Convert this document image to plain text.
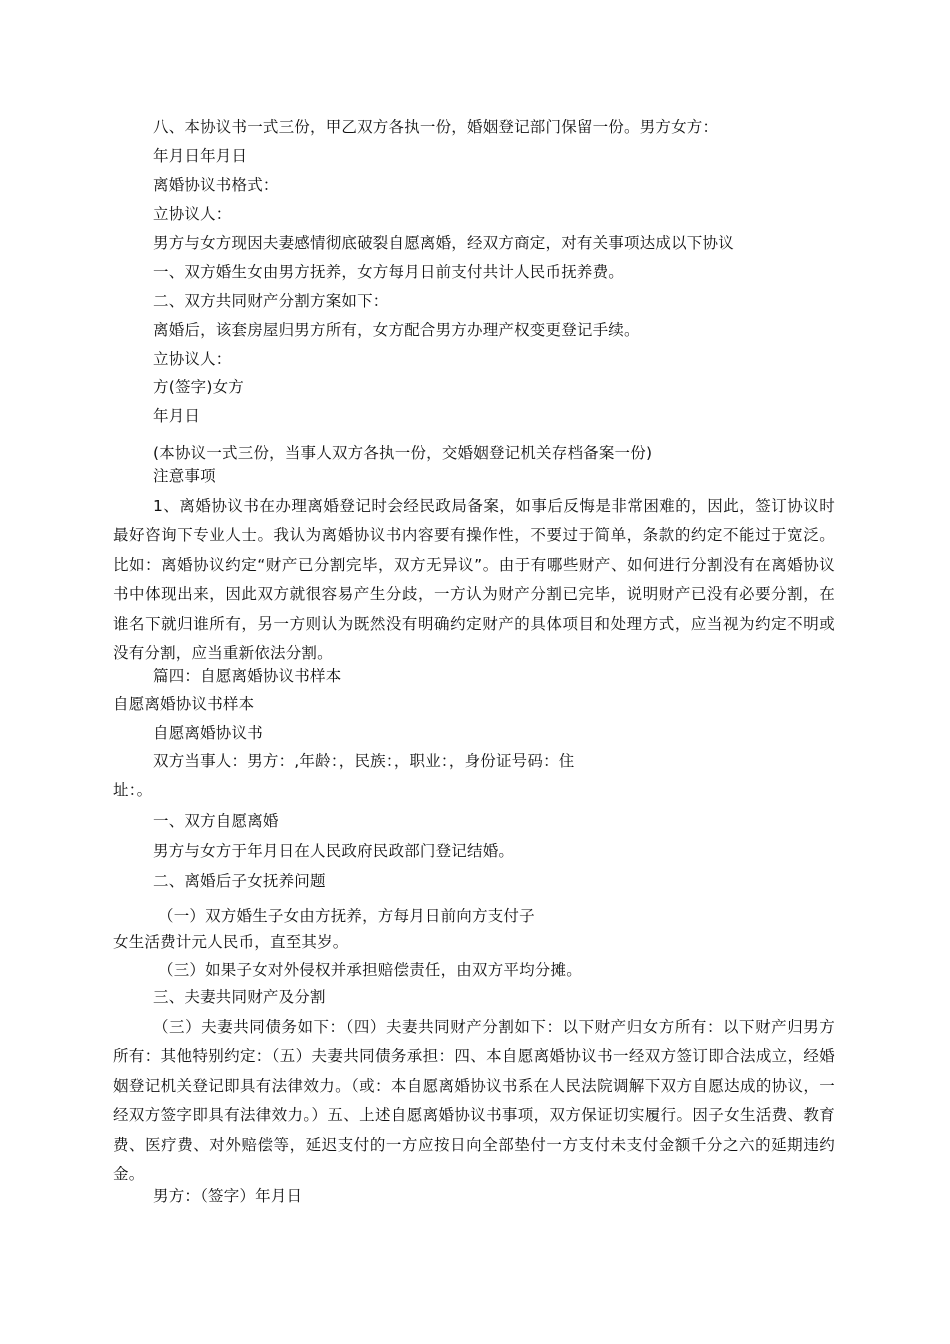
八、本协议书一式三份，甲乙双方各执一份，婚姻登记部门保留一份。男方女方：
年月日年月日
离婚协议书格式：
立协议人：
男方与女方现因夫妻感情彻底破裂自愿离婚，经双方商定，对有关事项达成以下协议
一、双方婚生女由男方抚养，女方每月日前支付共计人民币抚养费。
二、双方共同财产分割方案如下：
离婚后，该套房屋归男方所有，女方配合男方办理产权变更登记手续。
立协议人：
方(签字)女方
年月日
(本协议一式三份，当事人双方各执一份，交婚姻登记机关存档备案一份)
注意事项
1、离婚协议书在办理离婚登记时会经民政局备案，如事后反悔是非常困难的，因此，签订协议时最好咨询下专业人士。我认为离婚协议书内容要有操作性，不要过于简单，条款的约定不能过于宽泛。比如：离婚协议约定“财产已分割完毕，双方无异议”。由于有哪些财产、如何进行分割没有在离婚协议书中体现出来，因此双方就很容易产生分歧，一方认为财产分割已完毕，说明财产已没有必要分割，在谁名下就归谁所有，另一方则认为既然没有明确约定财产的具体项目和处理方式，应当视为约定不明或没有分割，应当重新依法分割。
篇四：自愿离婚协议书样本
自愿离婚协议书样本
自愿离婚协议书
双方当事人：男方：,年龄：，民族：，职业：，身份证号码：住
址：。
一、双方自愿离婚
男方与女方于年月日在人民政府民政部门登记结婚。
二、离婚后子女抚养问题
（一）双方婚生子女由方抚养，方每月日前向方支付子
女生活费计元人民币，直至其岁。
（三）如果子女对外侵权并承担赔偿责任，由双方平均分摊。
三、夫妻共同财产及分割
（三）夫妻共同债务如下：（四）夫妻共同财产分割如下：以下财产归女方所有：以下财产归男方所有：其他特别约定：（五）夫妻共同债务承担：四、本自愿离婚协议书一经双方签订即合法成立，经婚姻登记机关登记即具有法律效力。（或：本自愿离婚协议书系在人民法院调解下双方自愿达成的协议，一经双方签字即具有法律效力。）五、上述自愿离婚协议书事项，双方保证切实履行。因子女生活费、教育费、医疗费、对外赔偿等，延迟支付的一方应按日向全部垫付一方支付未支付金额千分之六的延期违约金。
男方：（签字）年月日
